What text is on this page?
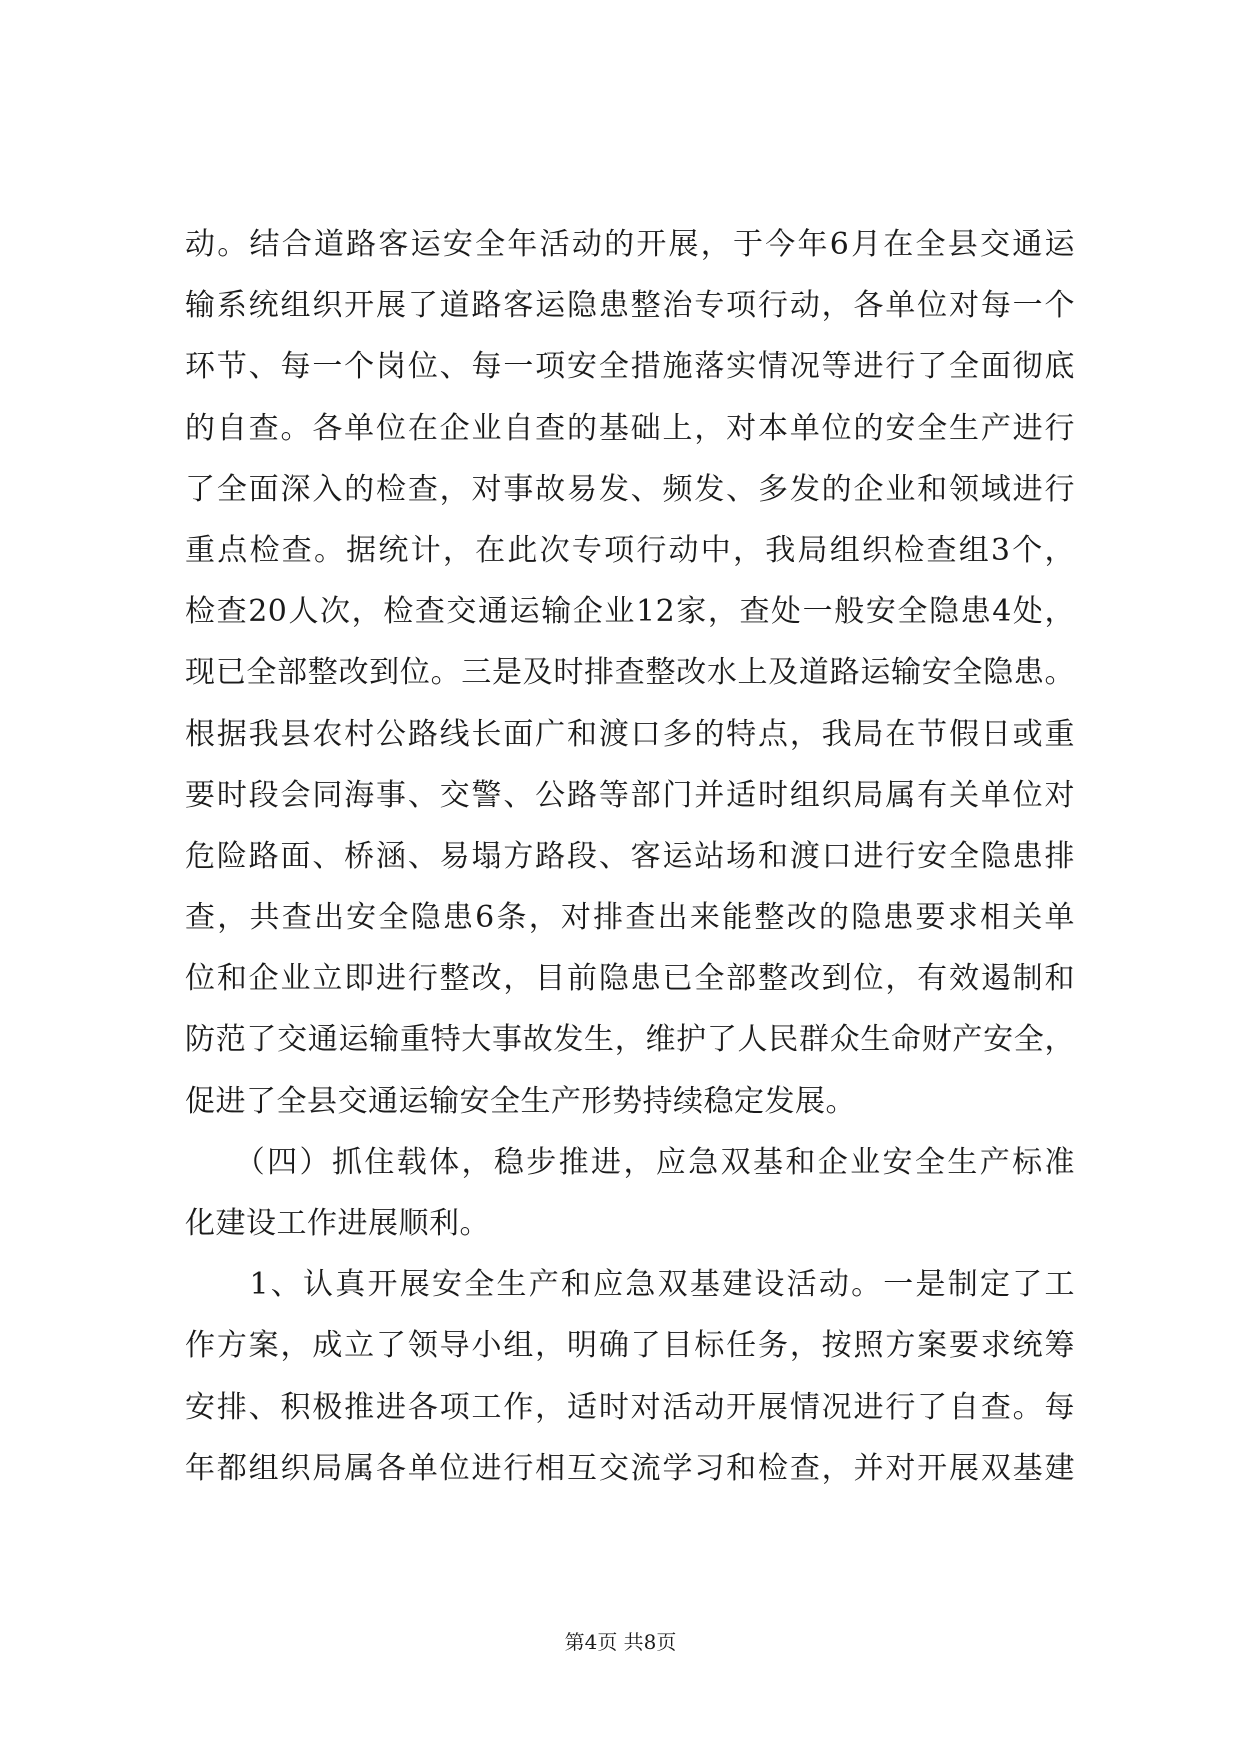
动。结合道路客运安全年活动的开展，于今年6月在全县交通运
输系统组织开展了道路客运隐患整治专项行动，各单位对每一个
环节、每一个岗位、每一项安全措施落实情况等进行了全面彻底
的自查。各单位在企业自查的基础上，对本单位的安全生产进行
了全面深入的检查，对事故易发、频发、多发的企业和领域进行
重点检查。据统计，在此次专项行动中，我局组织检查组3个，
检查20人次，检查交通运输企业12家，查处一般安全隐患4处，
现已全部整改到位。三是及时排查整改水上及道路运输安全隐患。
根据我县农村公路线长面广和渡口多的特点，我局在节假日或重
要时段会同海事、交警、公路等部门并适时组织局属有关单位对
危险路面、桥涵、易塌方路段、客运站场和渡口进行安全隐患排
查，共查出安全隐患6条，对排查出来能整改的隐患要求相关单
位和企业立即进行整改，目前隐患已全部整改到位，有效遏制和
防范了交通运输重特大事故发生，维护了人民群众生命财产安全，
促进了全县交通运输安全生产形势持续稳定发展。
　　（四）抓住载体，稳步推进，应急双基和企业安全生产标准
化建设工作进展顺利。
　　1、认真开展安全生产和应急双基建设活动。一是制定了工
作方案，成立了领导小组，明确了目标任务，按照方案要求统筹
安排、积极推进各项工作，适时对活动开展情况进行了自查。每
年都组织局属各单位进行相互交流学习和检查，并对开展双基建
第4页 共8页
